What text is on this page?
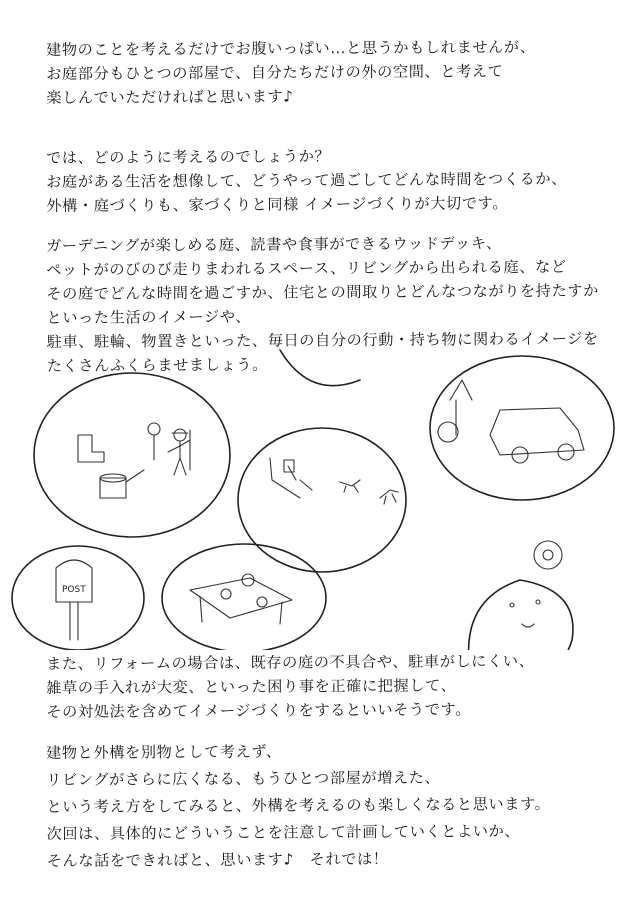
建物のことを考えるだけでお腹いっぱい…と思うかもしれませんが、
お庭部分もひとつの部屋で、自分たちだけの外の空間、と考えて
楽しんでいただければと思います♪
では、どのように考えるのでしょうか？
お庭がある生活を想像して、どうやって過ごしてどんな時間をつくるか、
外構・庭づくりも、家づくりと同様 イメージづくりが大切です。
ガーデニングが楽しめる庭、読書や食事ができるウッドデッキ、
ペットがのびのび走りまわれるスペース、リビングから出られる庭、など
その庭でどんな時間を過ごすか、住宅との間取りとどんなつながりを持たすか
といった生活のイメージや、
駐車、駐輪、物置きといった、毎日の自分の行動・持ち物に関わるイメージを
たくさんふくらませましょう。
POST
また、リフォームの場合は、既存の庭の不具合や、駐車がしにくい、
雑草の手入れが大変、といった困り事を正確に把握して、
その対処法を含めてイメージづくりをするといいそうです。
建物と外構を別物として考えず、
リビングがさらに広くなる、もうひとつ部屋が増えた、
という考え方をしてみると、外構を考えるのも楽しくなると思います。
次回は、具体的にどういうことを注意して計画していくとよいか、
そんな話をできればと、思います♪　それでは！
